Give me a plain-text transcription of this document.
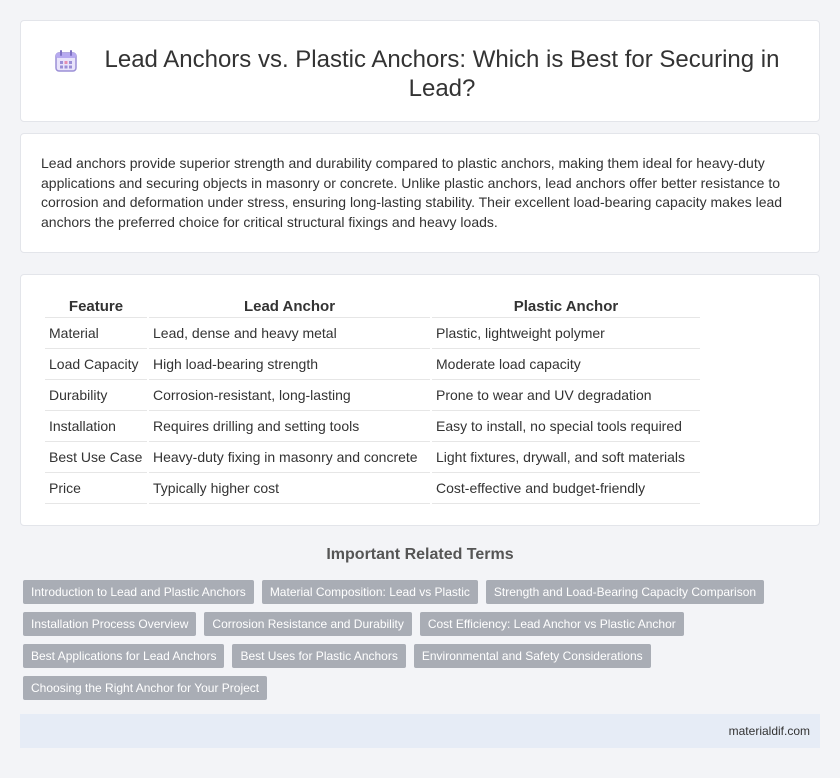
Lead Anchors vs. Plastic Anchors: Which is Best for Securing in Lead?

Lead anchors provide superior strength and durability compared to plastic anchors, making them ideal for heavy-duty applications and securing objects in masonry or concrete. Unlike plastic anchors, lead anchors offer better resistance to corrosion and deformation under stress, ensuring long-lasting stability. Their excellent load-bearing capacity makes lead anchors the preferred choice for critical structural fixings and heavy loads.

Feature	Lead Anchor	Plastic Anchor
Material	Lead, dense and heavy metal	Plastic, lightweight polymer
Load Capacity	High load-bearing strength	Moderate load capacity
Durability	Corrosion-resistant, long-lasting	Prone to wear and UV degradation
Installation	Requires drilling and setting tools	Easy to install, no special tools required
Best Use Case	Heavy-duty fixing in masonry and concrete	Light fixtures, drywall, and soft materials
Price	Typically higher cost	Cost-effective and budget-friendly
Important Related Terms
Introduction to Lead and Plastic Anchors	Material Composition: Lead vs Plastic	Strength and Load-Bearing Capacity Comparison
Installation Process Overview	Corrosion Resistance and Durability	Cost Efficiency: Lead Anchor vs Plastic Anchor
Best Applications for Lead Anchors	Best Uses for Plastic Anchors	Environmental and Safety Considerations
Choosing the Right Anchor for Your Project
materialdif.com
